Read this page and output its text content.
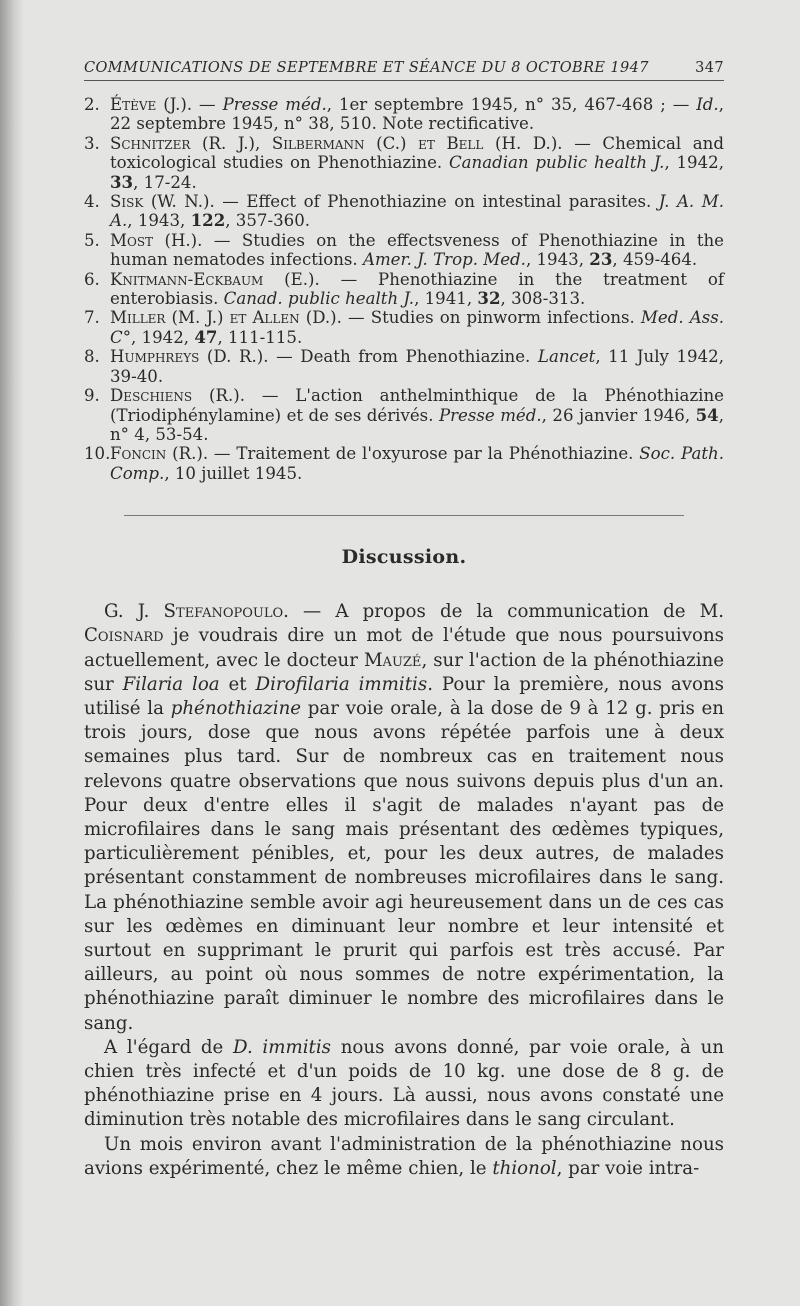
COMMUNICATIONS DE SEPTEMBRE ET SÉANCE DU 8 OCTOBRE 1947	347
2. Étève (J.). — Presse méd., 1er septembre 1945, n° 35, 467-468 ; — Id., 22 septembre 1945, n° 38, 510. Note rectificative.
3. Schnitzer (R. J.), Silbermann (C.) et Bell (H. D.). — Chemical and toxicological studies on Phenothiazine. Canadian public health J., 1942, 33, 17-24.
4. Sisk (W. N.). — Effect of Phenothiazine on intestinal parasites. J. A. M. A., 1943, 122, 357-360.
5. Most (H.). — Studies on the effectsveness of Phenothiazine in the human nematodes infections. Amer. J. Trop. Med., 1943, 23, 459-464.
6. Knitmann-Eckbaum (E.). — Phenothiazine in the treatment of enterobiasis. Canad. public health J., 1941, 32, 308-313.
7. Miller (M. J.) et Allen (D.). — Studies on pinworm infections. Med. Ass. C°, 1942, 47, 111-115.
8. Humphreys (D. R.). — Death from Phenothiazine. Lancet, 11 July 1942, 39-40.
9. Deschiens (R.). — L'action anthelminthique de la Phénothiazine (Triodiphénylamine) et de ses dérivés. Presse méd., 26 janvier 1946, 54, n° 4, 53-54.
10. Foncin (R.). — Traitement de l'oxyurose par la Phénothiazine. Soc. Path. Comp., 10 juillet 1945.
Discussion.

G. J. Stefanopoulo. — A propos de la communication de M. Coisnard je voudrais dire un mot de l'étude que nous poursuivons actuellement, avec le docteur Mauzé, sur l'action de la phénothiazine sur Filaria loa et Dirofilaria immitis. Pour la première, nous avons utilisé la phénothiazine par voie orale, à la dose de 9 à 12 g. pris en trois jours, dose que nous avons répétée parfois une à deux semaines plus tard. Sur de nombreux cas en traitement nous relevons quatre observations que nous suivons depuis plus d'un an. Pour deux d'entre elles il s'agit de malades n'ayant pas de microfilaires dans le sang mais présentant des œdèmes typiques, particulièrement pénibles, et, pour les deux autres, de malades présentant constamment de nombreuses microfilaires dans le sang. La phénothiazine semble avoir agi heureusement dans un de ces cas sur les œdèmes en diminuant leur nombre et leur intensité et surtout en supprimant le prurit qui parfois est très accusé. Par ailleurs, au point où nous sommes de notre expérimentation, la phénothiazine paraît diminuer le nombre des microfilaires dans le sang.

A l'égard de D. immitis nous avons donné, par voie orale, à un chien très infecté et d'un poids de 10 kg. une dose de 8 g. de phénothiazine prise en 4 jours. Là aussi, nous avons constaté une diminution très notable des microfilaires dans le sang circulant.

Un mois environ avant l'administration de la phénothiazine nous avions expérimenté, chez le même chien, le thionol, par voie intra-
